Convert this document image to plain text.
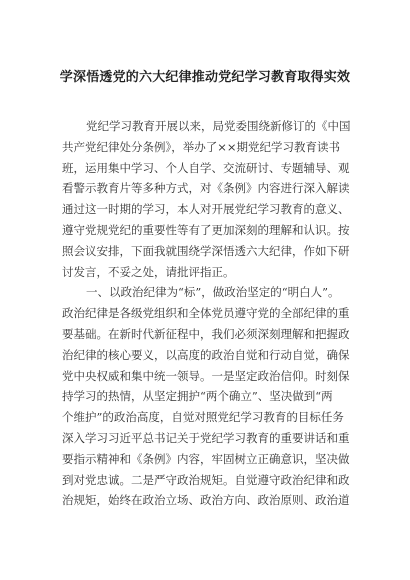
学深悟透党的六大纪律推动党纪学习教育取得实效
党纪学习教育开展以来，局党委围绕新修订的《中国
共产党纪律处分条例》，举办了××期党纪学习教育读书
班，运用集中学习、个人自学、交流研讨、专题辅导、观
看警示教育片等多种方式，对《条例》内容进行深入解读
通过这一时期的学习，本人对开展党纪学习教育的意义、
遵守党规党纪的重要性等有了更加深刻的理解和认识。按
照会议安排，下面我就围绕学深悟透六大纪律，作如下研
讨发言，不妥之处，请批评指正。
一、以政治纪律为“标”，做政治坚定的“明白人”。
政治纪律是各级党组织和全体党员遵守党的全部纪律的重
要基础。在新时代新征程中，我们必须深刻理解和把握政
治纪律的核心要义，以高度的政治自觉和行动自觉，确保
党中央权威和集中统一领导。一是坚定政治信仰。时刻保
持学习的热情，从坚定拥护“两个确立”、坚决做到“两
个维护”的政治高度，自觉对照党纪学习教育的目标任务
深入学习习近平总书记关于党纪学习教育的重要讲话和重
要指示精神和《条例》内容，牢固树立正确意识，坚决做
到对党忠诚。二是严守政治规矩。自觉遵守政治纪律和政
治规矩，始终在政治立场、政治方向、政治原则、政治道
